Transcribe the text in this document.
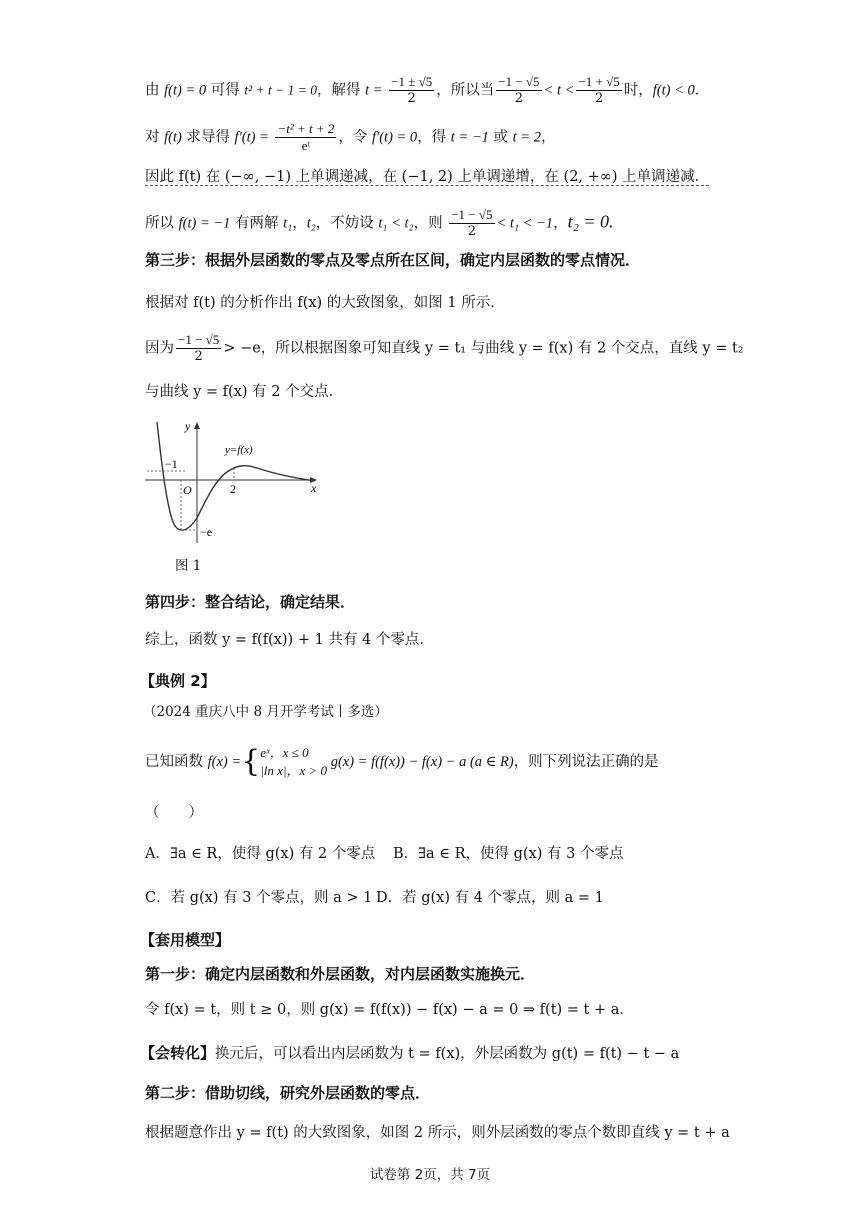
由 f(t) = 0 可得 t² + t − 1 = 0，解得 $t = \frac{-1 \pm √5}{2}$ ，所以当 $\frac{-1 - √5}{2} < t < \frac{-1 + √5}{2}$ 时，f(t) < 0．
对 f(t) 求导得 $f'(t) = \frac{\text{−t² + t + 2}}{\text{eᵗ}}$ ，令 f′(t) = 0，得 t = −1 或 t = 2，
因此 f(t) 在 (−∞, −1) 上单调递减，在 (−1, 2) 上单调递增，在 (2, +∞) 上单调递减．
所以 f(t) = −1 有两解 t₁，t₂，不妨设 t₁ < t₂，则 $\frac{-1 - √5}{2} < t_1 < -1$，t₂ = 0.
第三步：根据外层函数的零点及零点所在区间，确定内层函数的零点情况．
根据对 f(t) 的分析作出 f(x) 的大致图象，如图 1 所示．
因为 $\frac{-1 - √5}{2} > -e$，所以根据图象可知直线 y = t₁ 与曲线 y = f(x) 有 2 个交点，直线 y = t₂
与曲线 y = f(x) 有 2 个交点．
y
x
y=f(x)
O
−1
2
−e
图 1
第四步：整合结论，确定结果．
综上，函数 y = f(f(x)) + 1 共有 4 个零点．
【典例 2】
（2024 重庆八中 8 月开学考试丨多选）
已知函数 f(x) ={ eˣ，x ≤ 0
|ln x|，x > 0
g(x) = f(f(x)) − f(x) − a (a ∈ R)，则下列说法正确的是
（　　）
A．∃a ∈ R，使得 g(x) 有 2 个零点 B．∃a ∈ R，使得 g(x) 有 3 个零点
C．若 g(x) 有 3 个零点，则 a > 1 D．若 g(x) 有 4 个零点，则 a = 1
【套用模型】
第一步：确定内层函数和外层函数，对内层函数实施换元．
令 f(x) = t，则 t ≥ 0，则 g(x) = f(f(x)) − f(x) − a = 0 ⇒ f(t) = t + a．
【会转化】换元后，可以看出内层函数为 t = f(x)，外层函数为 g(t) = f(t) − t − a
第二步：借助切线，研究外层函数的零点．
根据题意作出 y = f(t) 的大致图象，如图 2 所示，则外层函数的零点个数即直线 y = t + a
试卷第 2页，共 7页
